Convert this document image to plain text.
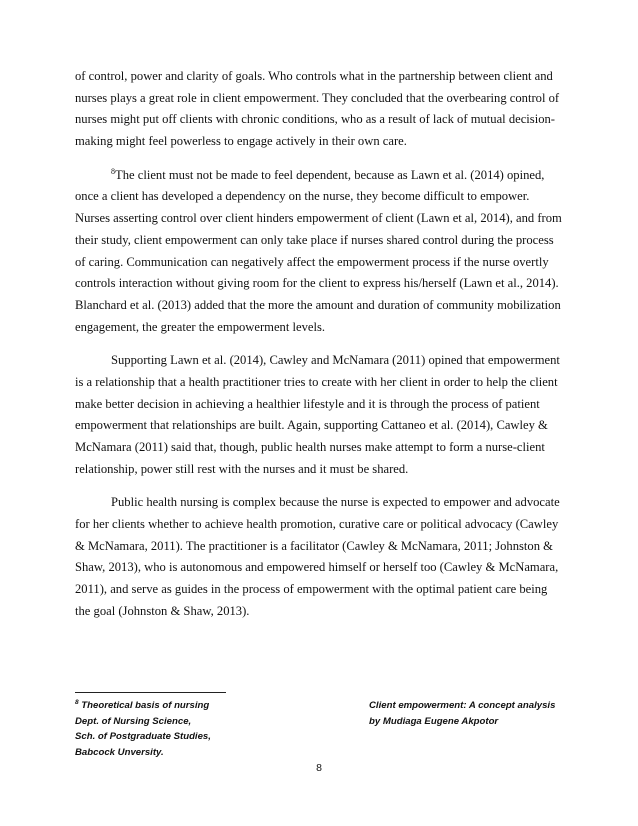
of control, power and clarity of goals. Who controls what in the partnership between client and
nurses plays a great role in client empowerment. They concluded that the overbearing control of
nurses might put off clients with chronic conditions, who as a result of lack of mutual decision-
making might feel powerless to engage actively in their own care.
$^8$The client must not be made to feel dependent, because as Lawn et al. (2014) opined,
once a client has developed a dependency on the nurse, they become difficult to empower.
Nurses asserting control over client hinders empowerment of client (Lawn et al, 2014), and from
their study, client empowerment can only take place if nurses shared control during the process
of caring. Communication can negatively affect the empowerment process if the nurse overtly
controls interaction without giving room for the client to express his/herself (Lawn et al., 2014).
Blanchard et al. (2013) added that the more the amount and duration of community mobilization
engagement, the greater the empowerment levels.
Supporting Lawn et al. (2014), Cawley and McNamara (2011) opined that empowerment
is a relationship that a health practitioner tries to create with her client in order to help the client
make better decision in achieving a healthier lifestyle and it is through the process of patient
empowerment that relationships are built. Again, supporting Cattaneo et al. (2014), Cawley &
McNamara (2011) said that, though, public health nurses make attempt to form a nurse-client
relationship, power still rest with the nurses and it must be shared.
Public health nursing is complex because the nurse is expected to empower and advocate
for her clients whether to achieve health promotion, curative care or political advocacy (Cawley
& McNamara, 2011). The practitioner is a facilitator (Cawley & McNamara, 2011; Johnston &
Shaw, 2013), who is autonomous and empowered himself or herself too (Cawley & McNamara,
2011), and serve as guides in the process of empowerment with the optimal patient care being
the goal (Johnston & Shaw, 2013).
$^8$ Theoretical basis of nursing
Dept. of Nursing Science,
Sch. of Postgraduate Studies,
Babcock Unversity.
Client empowerment: A concept analysis
by Mudiaga Eugene Akpotor
8
